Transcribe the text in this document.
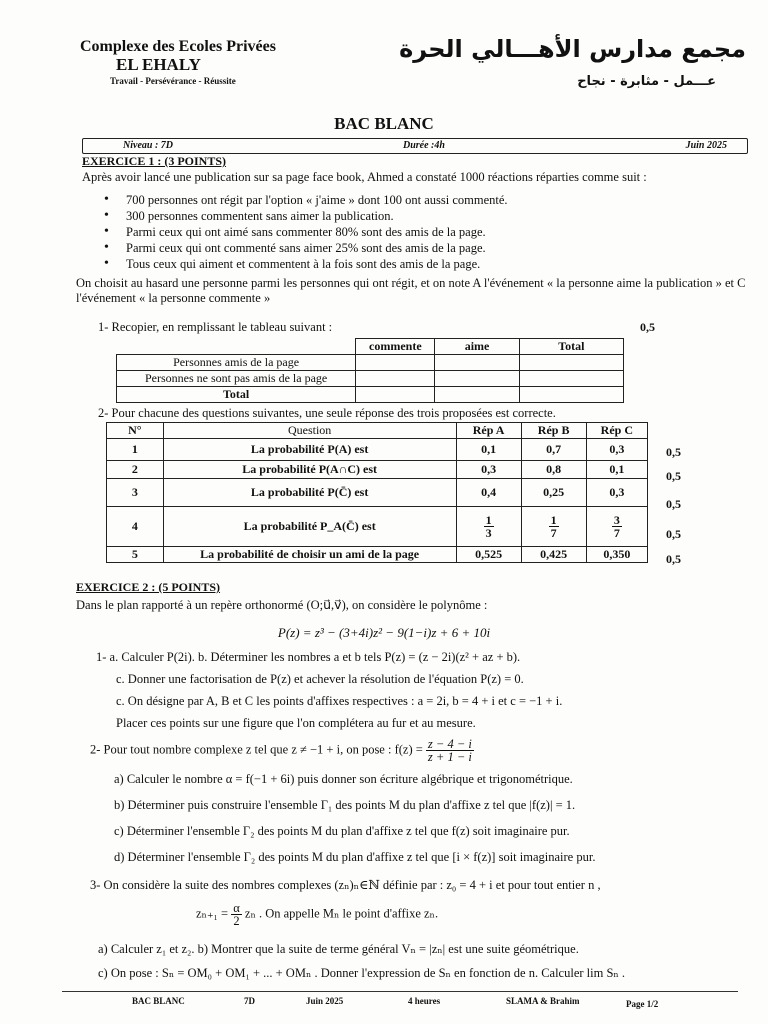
Complexe des Ecoles Privées
EL EHALY
Travail - Persévérance - Réussite
مجمع مدارس الأهـــالي الحرة
عـــمل - مثابرة - نجاح
BAC BLANC
Niveau : 7D	Durée :4h	Juin 2025
EXERCICE 1 : (3 POINTS)
Après avoir lancé une publication sur sa page face book, Ahmed a constaté 1000 réactions réparties comme suit :
• 700 personnes ont régit par l'option « j'aime » dont 100 ont aussi commenté.
• 300 personnes commentent sans aimer la publication.
• Parmi ceux qui ont aimé sans commenter 80% sont des amis de la page.
• Parmi ceux qui ont commenté sans aimer 25% sont des amis de la page.
• Tous ceux qui aiment et commentent à la fois sont des amis de la page.
On choisit au hasard une personne parmi les personnes qui ont régit, et on note A l'événement « la personne aime la publication » et C l'événement « la personne commente »
1- Recopier, en remplissant le tableau suivant :	0,5
	commente	aime	Total
Personnes amis de la page			
Personnes ne sont pas amis de la page			
Total			
2- Pour chacune des questions suivantes, une seule réponse des trois proposées est correcte.
N°	Question	Rép A	Rép B	Rép C
1	La probabilité P(A) est	0,1	0,7	0,3
2	La probabilité P(A∩C) est	0,3	0,8	0,1
3	La probabilité P(C̄) est	0,4	0,25	0,3
4	La probabilité P_A(C̄) est	$\frac{1}{3}$	$\frac{1}{7}$	$\frac{3}{7}$

5	La probabilité de choisir un ami de la page	0,525	0,425	0,350
0,5
0,5
0,5
0,5
0,5
EXERCICE 2 : (5 POINTS)
Dans le plan rapporté à un repère orthonormé (O;u⃗,v⃗), on considère le polynôme :
P(z) = z³ − (3+4i)z² − 9(1−i)z + 6 + 10i
1- a. Calculer P(2i). b. Déterminer les nombres a et b tels P(z) = (z − 2i)(z² + az + b).
c. Donner une factorisation de P(z) et achever la résolution de l'équation P(z) = 0.
c. On désigne par A, B et C les points d'affixes respectives : a = 2i, b = 4 + i et c = −1 + i.
Placer ces points sur une figure que l'on complétera au fur et au mesure.
2- Pour tout nombre complexe z tel que z ≠ −1 + i, on pose : $f(z) = \frac{z - 4 - i}{z + 1 - i}$
a) Calculer le nombre α = f(−1 + 6i) puis donner son écriture algébrique et trigonométrique.
b) Déterminer puis construire l'ensemble Γ₁ des points M du plan d'affixe z tel que |f(z)| = 1.
c) Déterminer l'ensemble Γ₂ des points M du plan d'affixe z tel que f(z) soit imaginaire pur.
d) Déterminer l'ensemble Γ₂ des points M du plan d'affixe z tel que [i × f(z)] soit imaginaire pur.
3- On considère la suite des nombres complexes (zₙ)ₙ∈ℕ définie par : z₀ = 4 + i et pour tout entier n ,
$z_{n+1} = \frac{\alpha}{2}$ zₙ . On appelle Mₙ le point d'affixe zₙ.
a) Calculer z₁ et z₂. b) Montrer que la suite de terme général Vₙ = |zₙ| est une suite géométrique.
c) On pose : Sₙ = OM₀ + OM₁ + ... + OMₙ . Donner l'expression de Sₙ en fonction de n. Calculer lim Sₙ .
BAC BLANC	7D	Juin 2025	4 heures	SLAMA & Brahim	Page 1/2
